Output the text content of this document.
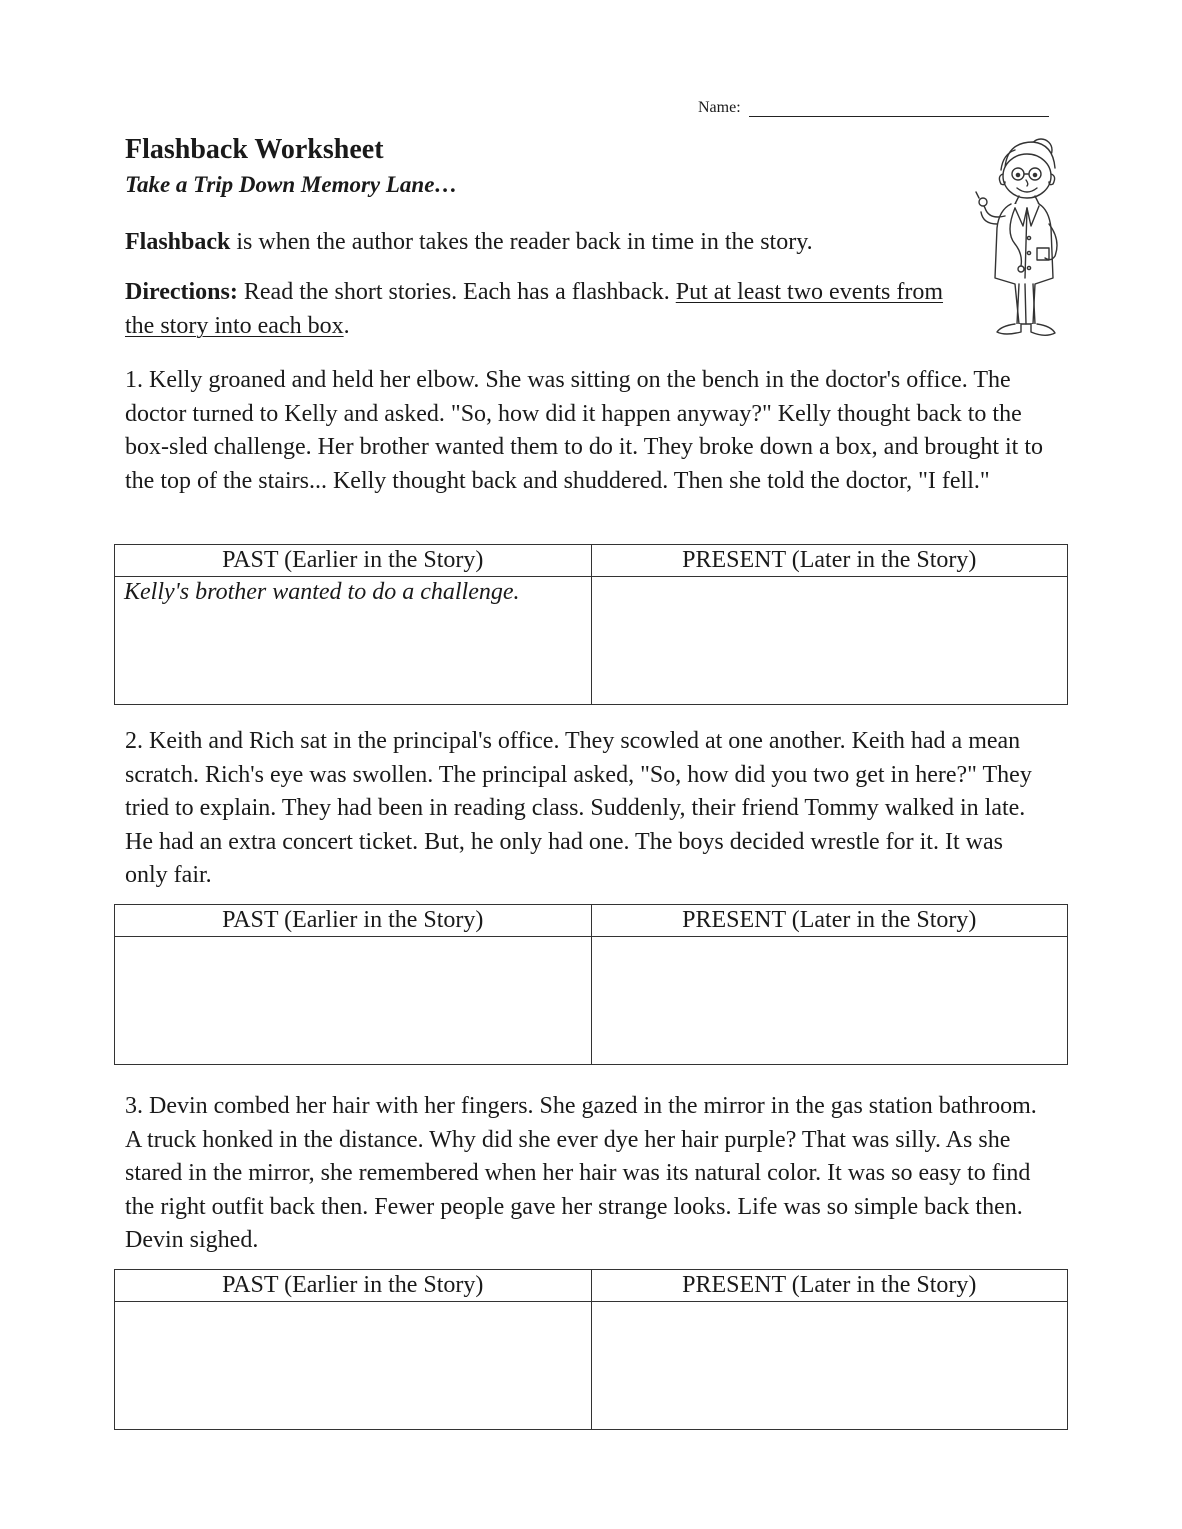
Name:
Flashback Worksheet

Take a Trip Down Memory Lane…

Flashback is when the author takes the reader back in time in the story.

Directions: Read the short stories. Each has a flashback. Put at least two events from the story into each box.

1. Kelly groaned and held her elbow. She was sitting on the bench in the doctor's office. The doctor turned to Kelly and asked. "So, how did it happen anyway?" Kelly thought back to the box-sled challenge. Her brother wanted them to do it. They broke down a box, and brought it to the top of the stairs... Kelly thought back and shuddered. Then she told the doctor, "I fell."

PAST (Earlier in the Story)	PRESENT (Later in the Story)
Kelly's brother wanted to do a challenge.	

2. Keith and Rich sat in the principal's office. They scowled at one another. Keith had a mean scratch. Rich's eye was swollen. The principal asked, "So, how did you two get in here?" They tried to explain. They had been in reading class. Suddenly, their friend Tommy walked in late. He had an extra concert ticket. But, he only had one. The boys decided wrestle for it. It was only fair.

PAST (Earlier in the Story)	PRESENT (Later in the Story)

3. Devin combed her hair with her fingers. She gazed in the mirror in the gas station bathroom. A truck honked in the distance. Why did she ever dye her hair purple? That was silly. As she stared in the mirror, she remembered when her hair was its natural color. It was so easy to find the right outfit back then. Fewer people gave her strange looks. Life was so simple back then. Devin sighed.

PAST (Earlier in the Story)	PRESENT (Later in the Story)
